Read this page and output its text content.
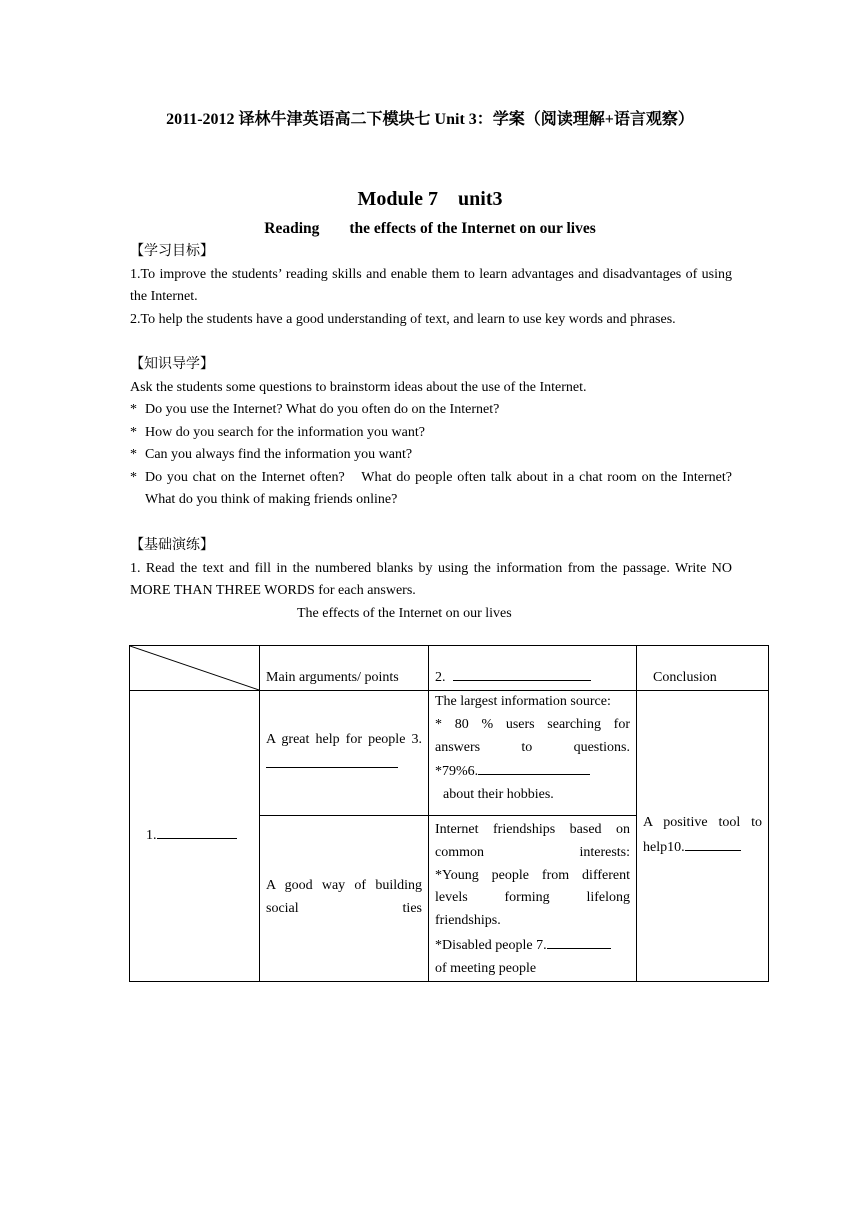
2011-2012 译林牛津英语高二下模块七 Unit 3：学案（阅读理解+语言观察）
Module 7　unit3
Reading the effects of the Internet on our lives

【学习目标】

1.To improve the students’ reading skills and enable them to learn advantages and disadvantages of using the Internet.

2.To help the students have a good understanding of text, and learn to use key words and phrases.

【知识导学】

Ask the students some questions to brainstorm ideas about the use of the Internet.

* Do you use the Internet? What do you often do on the Internet?
* How do you search for the information you want?
* Can you always find the information you want?
* Do you chat on the Internet often?　What do people often talk about in a chat room on the Internet? What do you think of making friends online?

【基础演练】

1. Read the text and fill in the numbered blanks by using the information from the passage. Write NO MORE THAN THREE WORDS for each answers.

The effects of the Internet on our lives

	Main arguments/ points	2.	Conclusion
1.	A great help for people 3.	The largest information source:
* 80 % users searching for answers to questions.
*79%6.
about their hobbies.	A positive tool to help10.

	A good way of building social ties	Internet friendships based on common interests:
*Young people from different levels forming lifelong friendships.
*Disabled people 7.
of meeting people	
